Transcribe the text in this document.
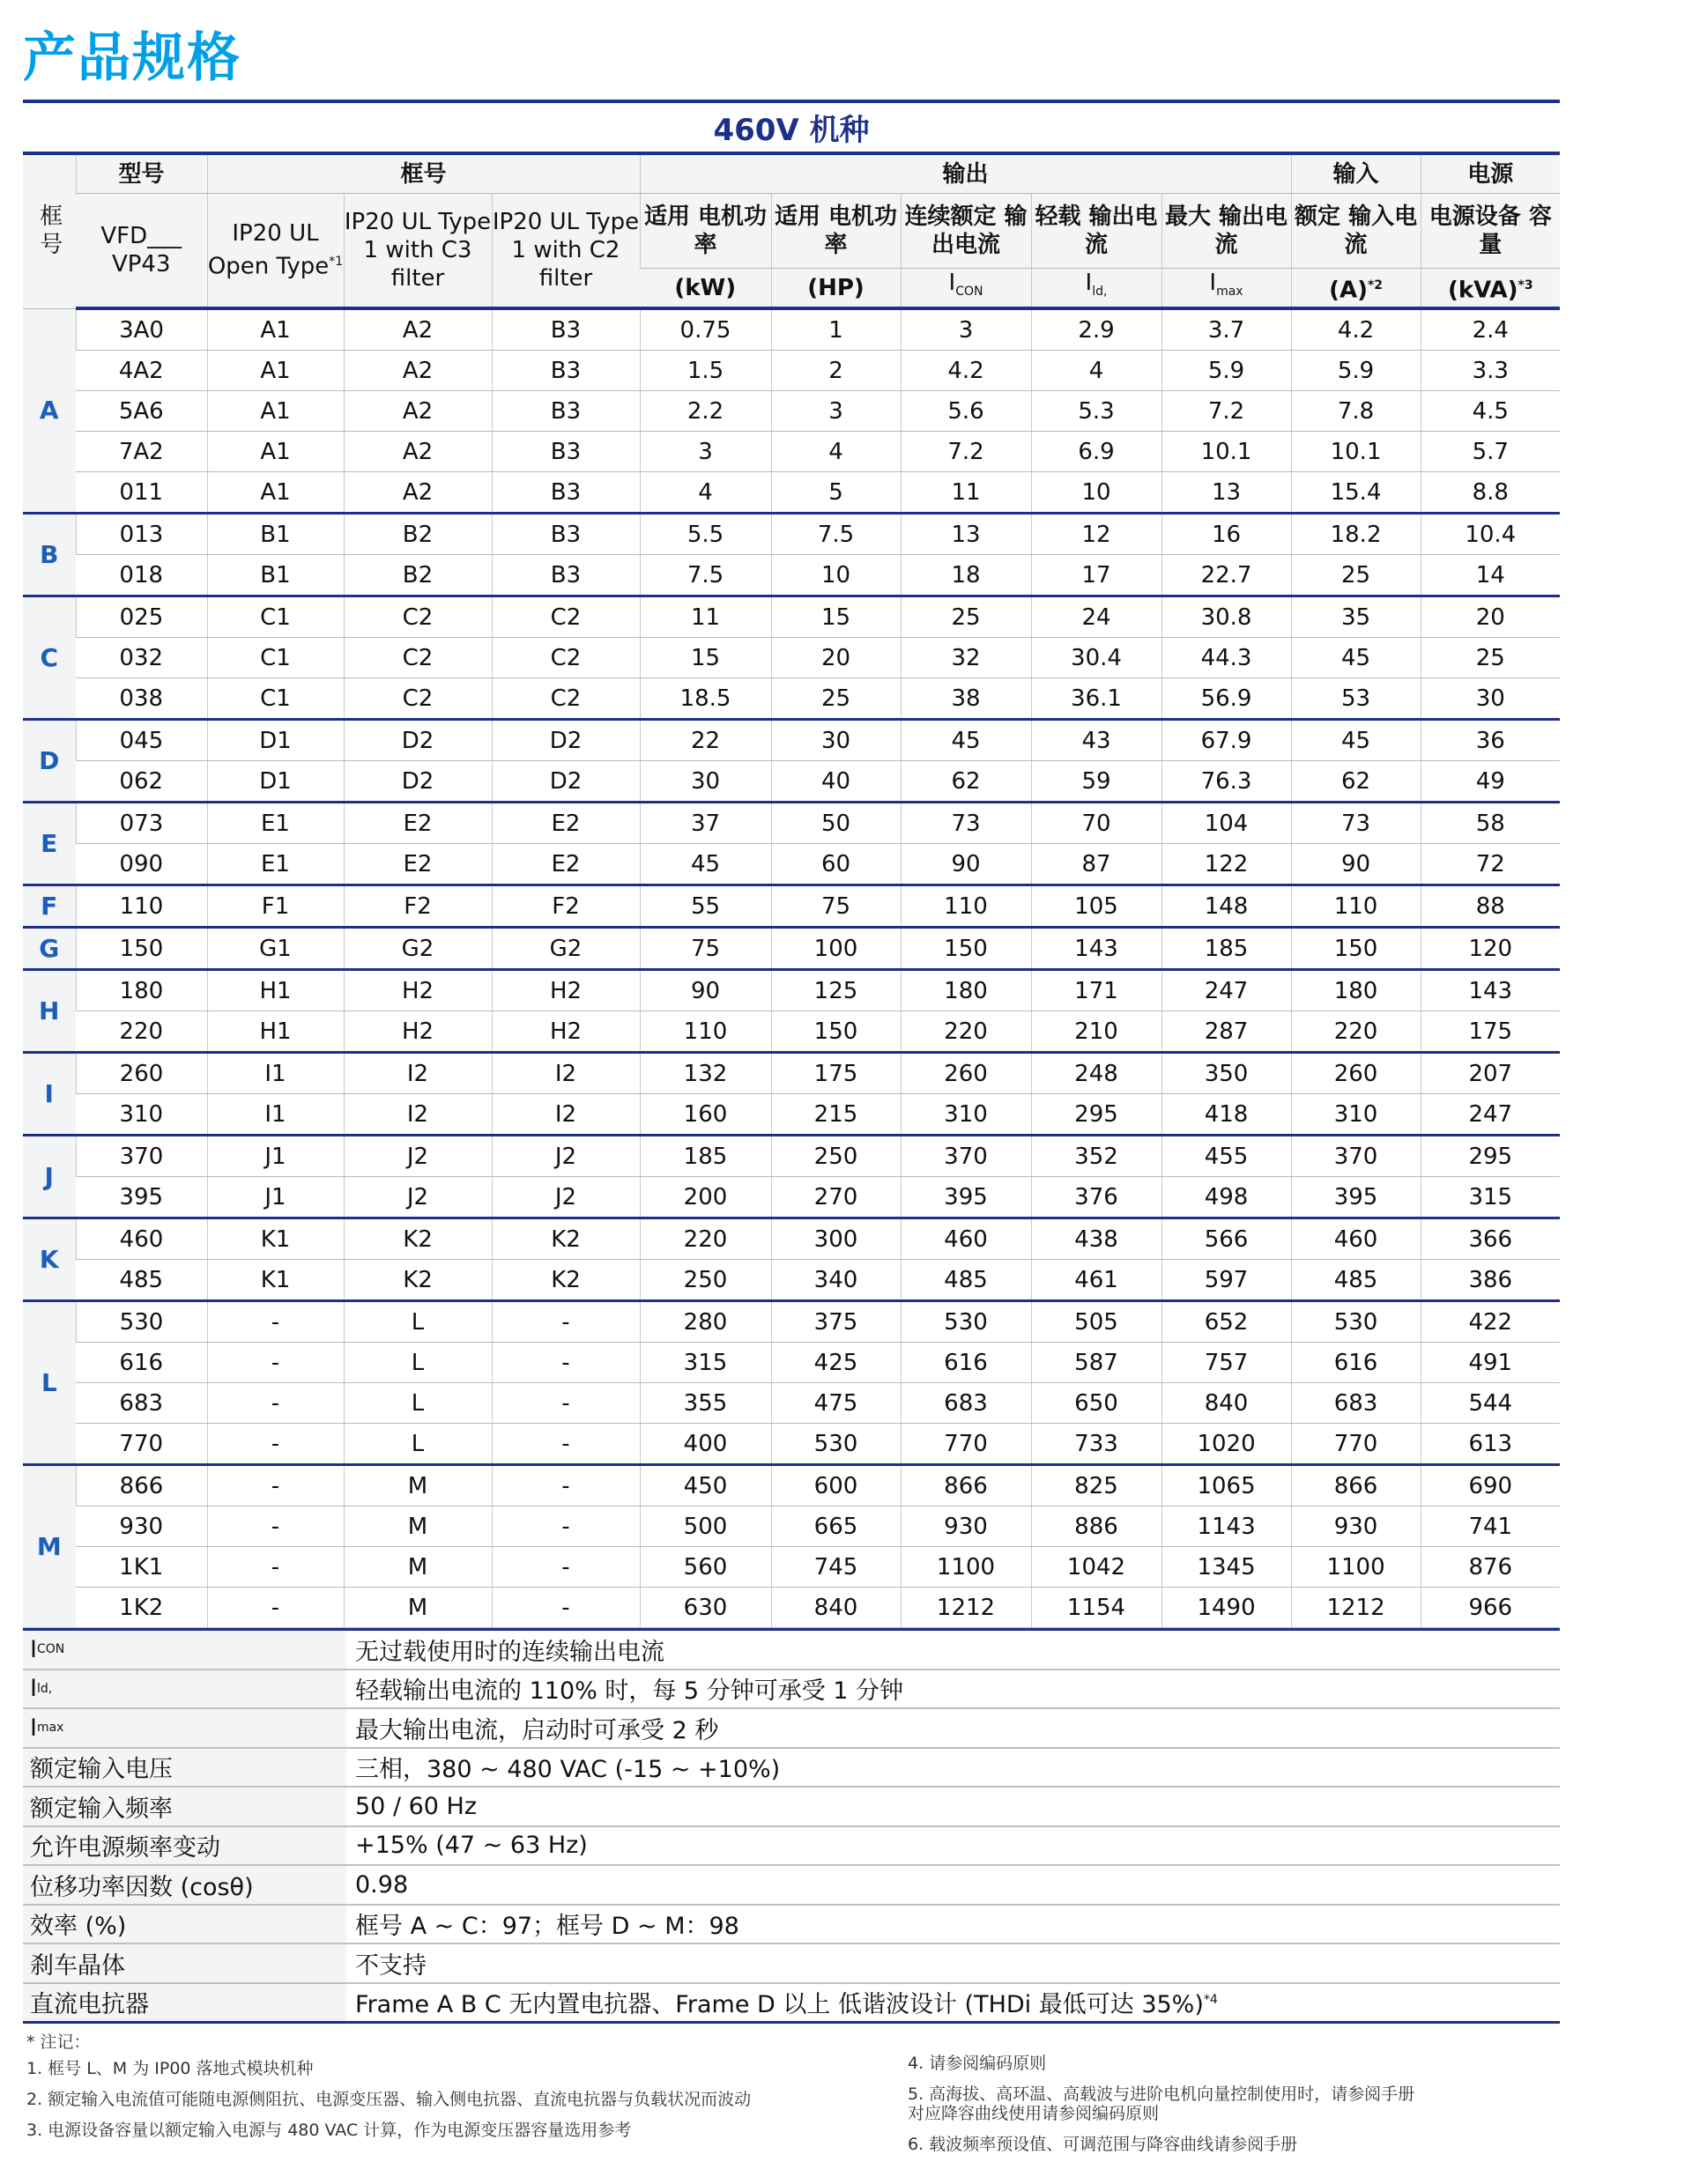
产品规格
460V 机种
框号	型号	框号			输出					输入	电源
	VFD___ VP43	IP20 UL Open Type$^{*1}$	IP20 UL Type 1 with C3 filter	IP20 UL Type 1 with C2 filter	适用 电机功率	适用 电机功率	连续额定 输出电流	轻载 输出电流	最大 输出电流	额定 输入电流	电源设备 容量
					(kW)	(HP)	$I_{CON}$	$I_{ld,}$	$I_{max}$	$(A)^{*2}$	(kVA)$^{*3}$
A	3A0	A1	A2	B3	0.75	1	3	2.9	3.7	4.2	2.4
	4A2	A1	A2	B3	1.5	2	4.2	4	5.9	5.9	3.3
	5A6	A1	A2	B3	2.2	3	5.6	5.3	7.2	7.8	4.5
	7A2	A1	A2	B3	3	4	7.2	6.9	10.1	10.1	5.7
	011	A1	A2	B3	4	5	11	10	13	15.4	8.8
B	013	B1	B2	B3	5.5	7.5	13	12	16	18.2	10.4
	018	B1	B2	B3	7.5	10	18	17	22.7	25	14
C	025	C1	C2	C2	11	15	25	24	30.8	35	20
	032	C1	C2	C2	15	20	32	30.4	44.3	45	25
	038	C1	C2	C2	18.5	25	38	36.1	56.9	53	30
D	045	D1	D2	D2	22	30	45	43	67.9	45	36
	062	D1	D2	D2	30	40	62	59	76.3	62	49
E	073	E1	E2	E2	37	50	73	70	104	73	58
	090	E1	E2	E2	45	60	90	87	122	90	72
F	110	F1	F2	F2	55	75	110	105	148	110	88
G	150	G1	G2	G2	75	100	150	143	185	150	120
H	180	H1	H2	H2	90	125	180	171	247	180	143
	220	H1	H2	H2	110	150	220	210	287	220	175
I	260	I1	I2	I2	132	175	260	248	350	260	207
	310	I1	I2	I2	160	215	310	295	418	310	247
J	370	J1	J2	J2	185	250	370	352	455	370	295
	395	J1	J2	J2	200	270	395	376	498	395	315
K	460	K1	K2	K2	220	300	460	438	566	460	366
	485	K1	K2	K2	250	340	485	461	597	485	386
L	530	-	L	-	280	375	530	505	652	530	422
	616	-	L	-	315	425	616	587	757	616	491
	683	-	L	-	355	475	683	650	840	683	544
	770	-	L	-	400	530	770	733	1020	770	613
M	866	-	M	-	450	600	866	825	1065	866	690
	930	-	M	-	500	665	930	886	1143	930	741
	1K1	-	M	-	560	745	1100	1042	1345	1100	876
	1K2	-	M	-	630	840	1212	1154	1490	1212	966
I CON	无过载使用时的连续输出电流
I ld,	轻载输出电流的 110% 时，每 5 分钟可承受 1 分钟
I max	最大输出电流，启动时可承受 2 秒
额定输入电压	三相，380 ~ 480 VAC (-15 ~ +10%)
额定输入频率	50 / 60 Hz
允许电源频率变动	+15% (47 ~ 63 Hz)
位移功率因数 (cosθ)	0.98
效率 (%)	框号 A ~ C：97；框号 D ~ M：98
刹车晶体	不支持
直流电抗器	Frame A B C 无内置电抗器、Frame D 以上 低谐波设计 (THDi 最低可达 35%)$^{*4}$
* 注记：
1. 框号 L、M 为 IP00 落地式模块机种
2. 额定输入电流值可能随电源侧阻抗、电源变压器、输入侧电抗器、直流电抗器与负载状况而波动
3. 电源设备容量以额定输入电源与 480 VAC 计算，作为电源变压器容量选用参考
4. 请参阅编码原则
5. 高海拔、高环温、高载波与进阶电机向量控制使用时，请参阅手册对应降容曲线使用请参阅编码原则
6. 载波频率预设值、可调范围与降容曲线请参阅手册
